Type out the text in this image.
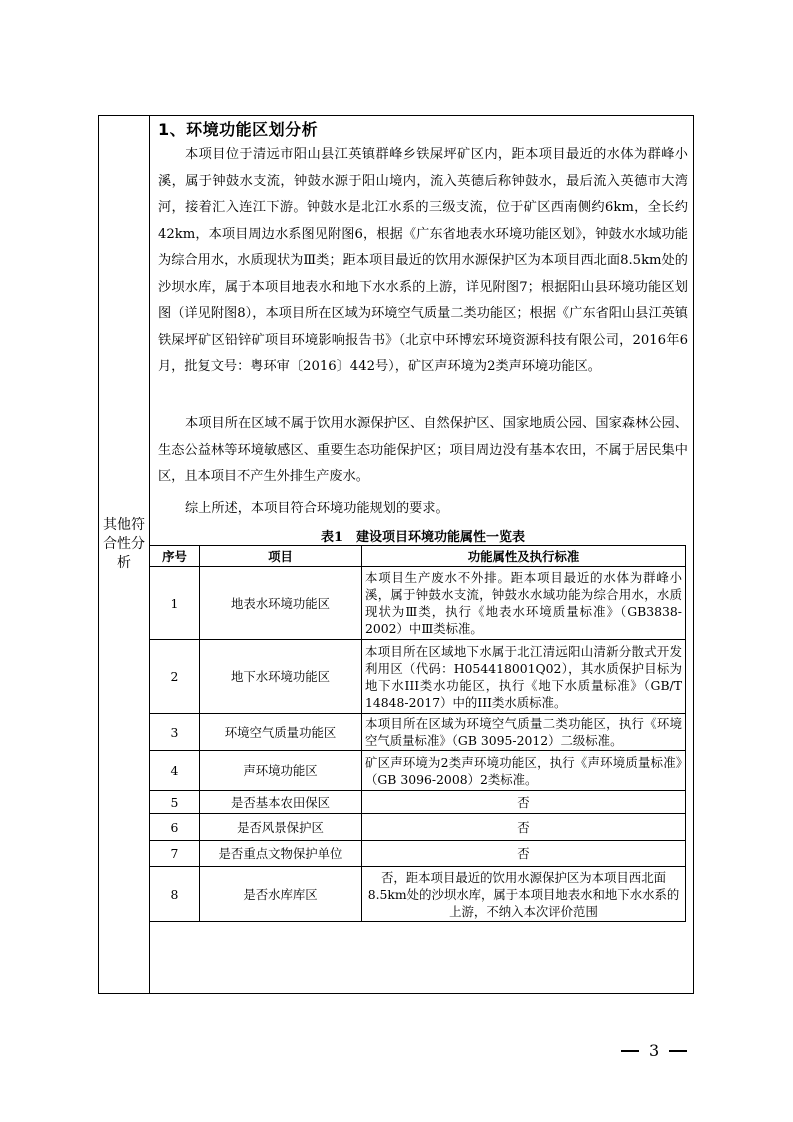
其他符合性分析
1、环境功能区划分析
本项目位于清远市阳山县江英镇群峰乡铁屎坪矿区内，距本项目最近的水体为群峰小溪，属于钟鼓水支流，钟鼓水源于阳山境内，流入英德后称钟鼓水，最后流入英德市大湾河，接着汇入连江下游。钟鼓水是北江水系的三级支流，位于矿区西南侧约6km，全长约42km，本项目周边水系图见附图6，根据《广东省地表水环境功能区划》，钟鼓水水域功能为综合用水，水质现状为Ⅲ类；距本项目最近的饮用水源保护区为本项目西北面8.5km处的沙坝水库，属于本项目地表水和地下水水系的上游，详见附图7；根据阳山县环境功能区划图（详见附图8），本项目所在区域为环境空气质量二类功能区；根据《广东省阳山县江英镇铁屎坪矿区铅锌矿项目环境影响报告书》（北京中环博宏环境资源科技有限公司，2016年6月，批复文号：粤环审〔2016〕442号），矿区声环境为2类声环境功能区。
本项目所在区域不属于饮用水源保护区、自然保护区、国家地质公园、国家森林公园、生态公益林等环境敏感区、重要生态功能保护区；项目周边没有基本农田，不属于居民集中区，且本项目不产生外排生产废水。
综上所述，本项目符合环境功能规划的要求。
表1　建设项目环境功能属性一览表
序号	项目	功能属性及执行标准
1	地表水环境功能区	本项目生产废水不外排。距本项目最近的水体为群峰小溪，属于钟鼓水支流，钟鼓水水域功能为综合用水，水质现状为Ⅲ类，执行《地表水环境质量标准》（GB3838-2002）中Ⅲ类标准。
2	地下水环境功能区	本项目所在区域地下水属于北江清远阳山清新分散式开发利用区（代码：H054418001Q02），其水质保护目标为地下水III类水功能区，执行《地下水质量标准》（GB/T 14848-2017）中的III类水质标准。
3	环境空气质量功能区	本项目所在区域为环境空气质量二类功能区，执行《环境空气质量标准》（GB 3095-2012）二级标准。
4	声环境功能区	矿区声环境为2类声环境功能区，执行《声环境质量标准》（GB 3096-2008）2类标准。
5	是否基本农田保区	否
6	是否风景保护区	否
7	是否重点文物保护单位	否
8	是否水库库区	否，距本项目最近的饮用水源保护区为本项目西北面8.5km处的沙坝水库，属于本项目地表水和地下水水系的上游，不纳入本次评价范围
3
